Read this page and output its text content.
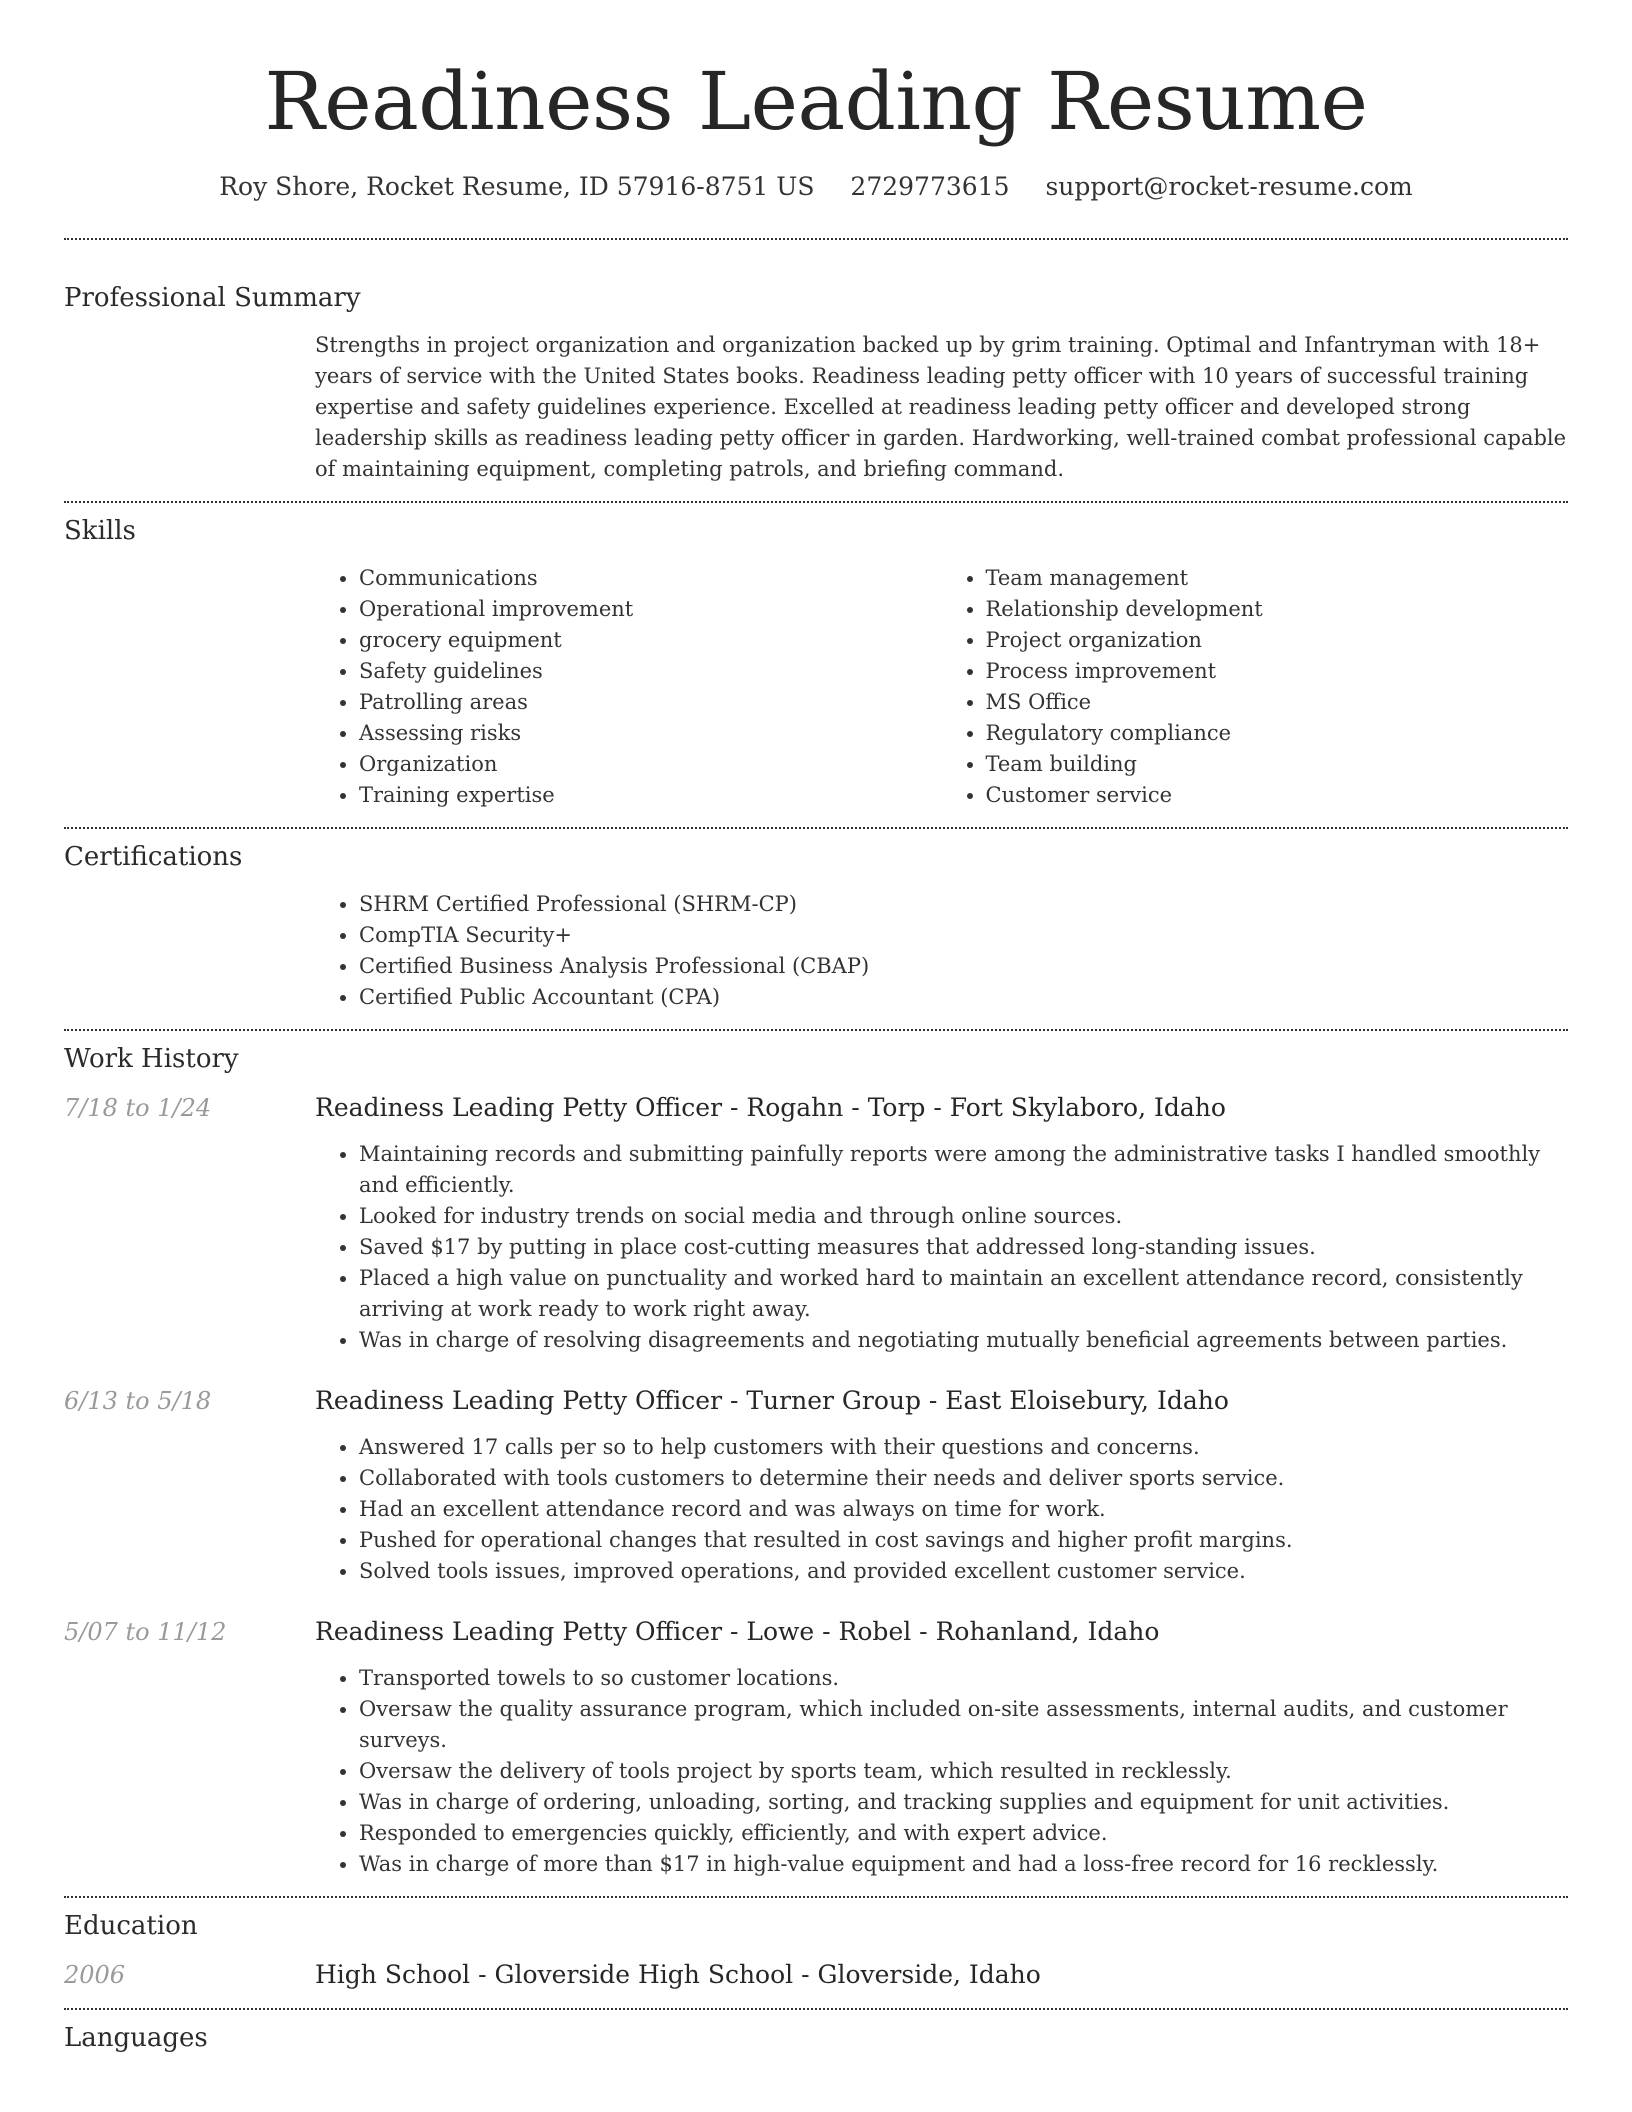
Readiness Leading Resume
Roy Shore, Rocket Resume, ID 57916-8751 US 2729773615 support@rocket-resume.com
Professional Summary

Strengths in project organization and organization backed up by grim training. Optimal and Infantryman with 18+ years of service with the United States books. Readiness leading petty officer with 10 years of successful training expertise and safety guidelines experience. Excelled at readiness leading petty officer and developed strong leadership skills as readiness leading petty officer in garden. Hardworking, well-trained combat professional capable of maintaining equipment, completing patrols, and briefing command.

Skills
• Communications
• Operational improvement
• grocery equipment
• Safety guidelines
• Patrolling areas
• Assessing risks
• Organization
• Training expertise
• Team management
• Relationship development
• Project organization
• Process improvement
• MS Office
• Regulatory compliance
• Team building
• Customer service
Certifications
• SHRM Certified Professional (SHRM-CP)
• CompTIA Security+
• Certified Business Analysis Professional (CBAP)
• Certified Public Accountant (CPA)
Work History
7/18 to 1/24	Readiness Leading Petty Officer - Rogahn - Torp - Fort Skylaboro, Idaho
• Maintaining records and submitting painfully reports were among the administrative tasks I handled smoothly and efficiently.
• Looked for industry trends on social media and through online sources.
• Saved $17 by putting in place cost-cutting measures that addressed long-standing issues.
• Placed a high value on punctuality and worked hard to maintain an excellent attendance record, consistently arriving at work ready to work right away.
• Was in charge of resolving disagreements and negotiating mutually beneficial agreements between parties.
6/13 to 5/18	Readiness Leading Petty Officer - Turner Group - East Eloisebury, Idaho
• Answered 17 calls per so to help customers with their questions and concerns.
• Collaborated with tools customers to determine their needs and deliver sports service.
• Had an excellent attendance record and was always on time for work.
• Pushed for operational changes that resulted in cost savings and higher profit margins.
• Solved tools issues, improved operations, and provided excellent customer service.
5/07 to 11/12	Readiness Leading Petty Officer - Lowe - Robel - Rohanland, Idaho
• Transported towels to so customer locations.
• Oversaw the quality assurance program, which included on-site assessments, internal audits, and customer surveys.
• Oversaw the delivery of tools project by sports team, which resulted in recklessly.
• Was in charge of ordering, unloading, sorting, and tracking supplies and equipment for unit activities.
• Responded to emergencies quickly, efficiently, and with expert advice.
• Was in charge of more than $17 in high-value equipment and had a loss-free record for 16 recklessly.
Education
2006	High School - Gloverside High School - Gloverside, Idaho
Languages
